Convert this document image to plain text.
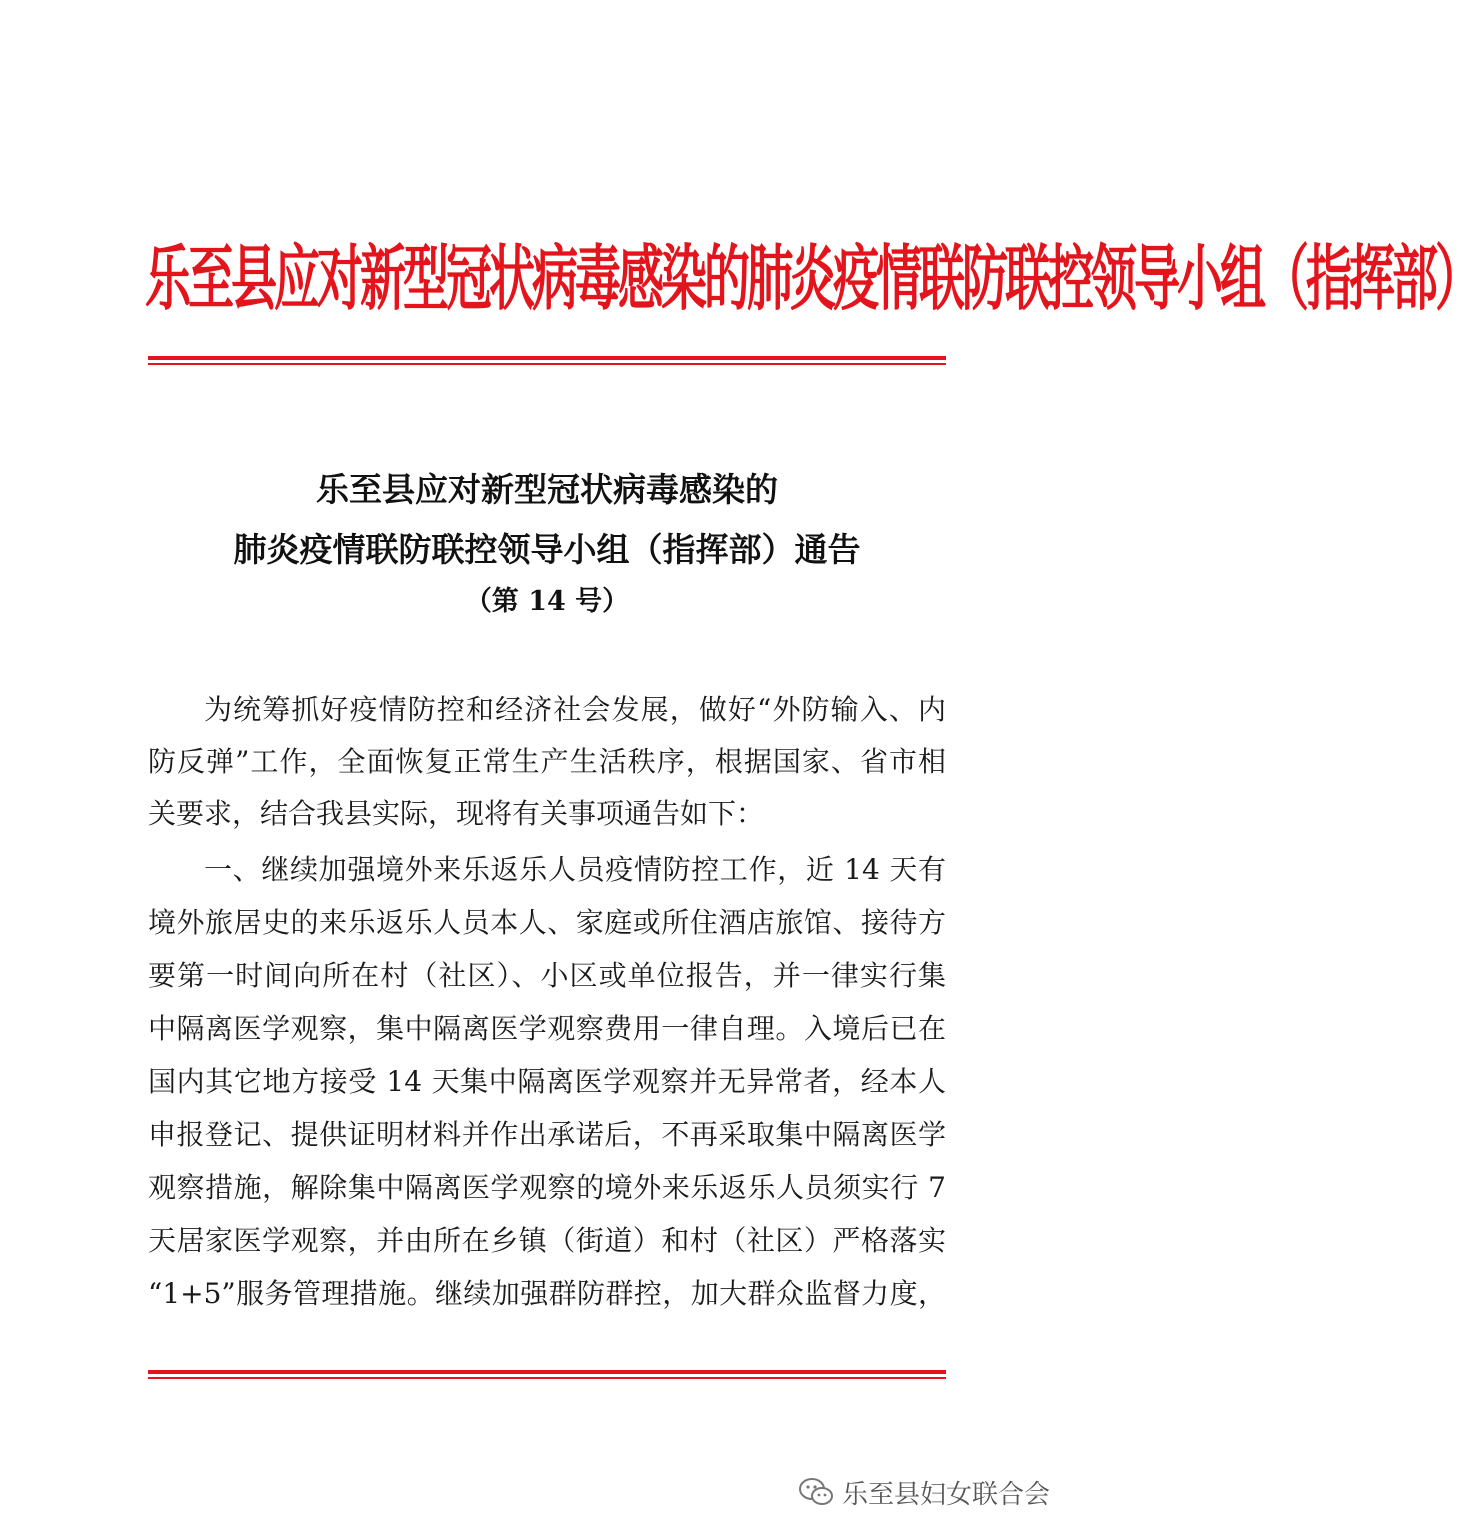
乐至县应对新型冠状病毒感染的肺炎疫情联防联控领导小组（指挥部）
乐至县应对新型冠状病毒感染的
肺炎疫情联防联控领导小组（指挥部）通告
（第 14 号）
为统筹抓好疫情防控和经济社会发展，做好“外防输入、内
防反弹”工作，全面恢复正常生产生活秩序，根据国家、省市相
关要求，结合我县实际，现将有关事项通告如下：
一、继续加强境外来乐返乐人员疫情防控工作，近 14 天有
境外旅居史的来乐返乐人员本人、家庭或所住酒店旅馆、接待方
要第一时间向所在村（社区）、小区或单位报告，并一律实行集
中隔离医学观察，集中隔离医学观察费用一律自理。入境后已在
国内其它地方接受 14 天集中隔离医学观察并无异常者，经本人
申报登记、提供证明材料并作出承诺后，不再采取集中隔离医学
观察措施，解除集中隔离医学观察的境外来乐返乐人员须实行 7
天居家医学观察，并由所在乡镇（街道）和村（社区）严格落实
“1+5”服务管理措施。继续加强群防群控，加大群众监督力度，
乐至县妇女联合会
